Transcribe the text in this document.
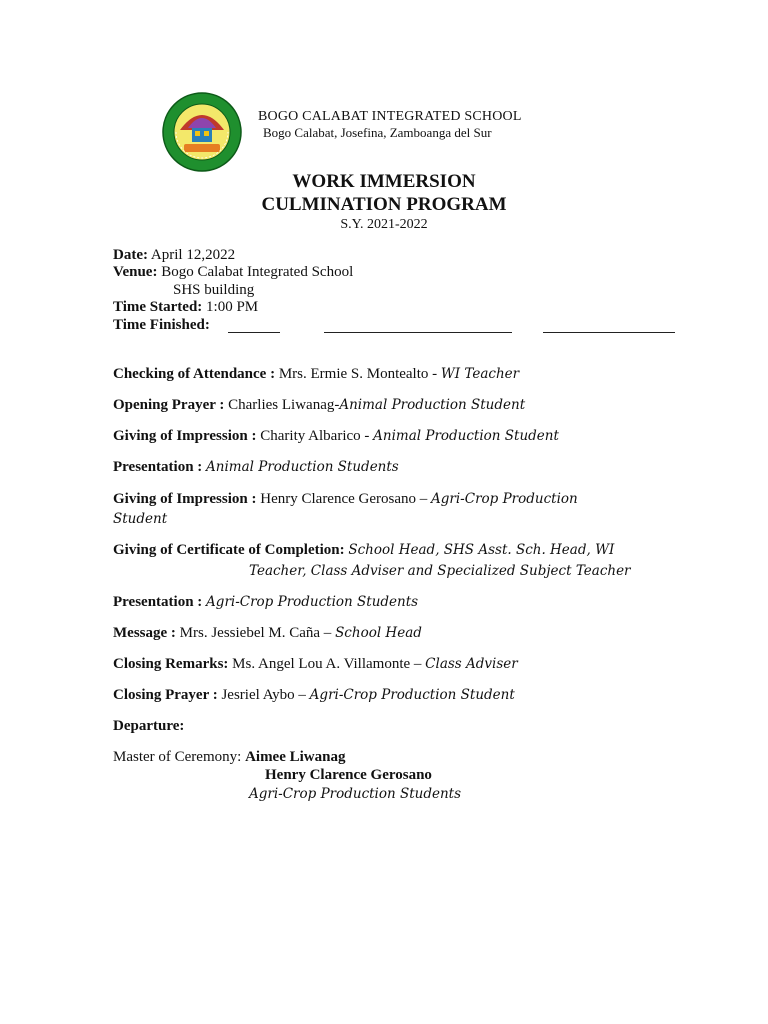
BOGO CALABAT INTEGRATED SCHOOL
Bogo Calabat, Josefina, Zamboanga del Sur
WORK IMMERSION
CULMINATION PROGRAM
S.Y. 2021-2022
Date: April 12,2022
Venue: Bogo Calabat Integrated School
SHS building
Time Started: 1:00 PM
Time Finished:
Checking of Attendance : Mrs. Ermie S. Montealto - WI Teacher
Opening Prayer : Charlies Liwanag-Animal Production Student
Giving of Impression : Charity Albarico - Animal Production Student
Presentation : Animal Production Students
Giving of Impression : Henry Clarence Gerosano – Agri-Crop Production
Student
Giving of Certificate of Completion: School Head, SHS Asst. Sch. Head, WI
Teacher, Class Adviser and Specialized Subject Teacher
Presentation : Agri-Crop Production Students
Message : Mrs. Jessiebel M. Caña – School Head
Closing Remarks: Ms. Angel Lou A. Villamonte – Class Adviser
Closing Prayer : Jesriel Aybo – Agri-Crop Production Student
Departure:
Master of Ceremony: Aimee Liwanag
Henry Clarence Gerosano
Agri-Crop Production Students
